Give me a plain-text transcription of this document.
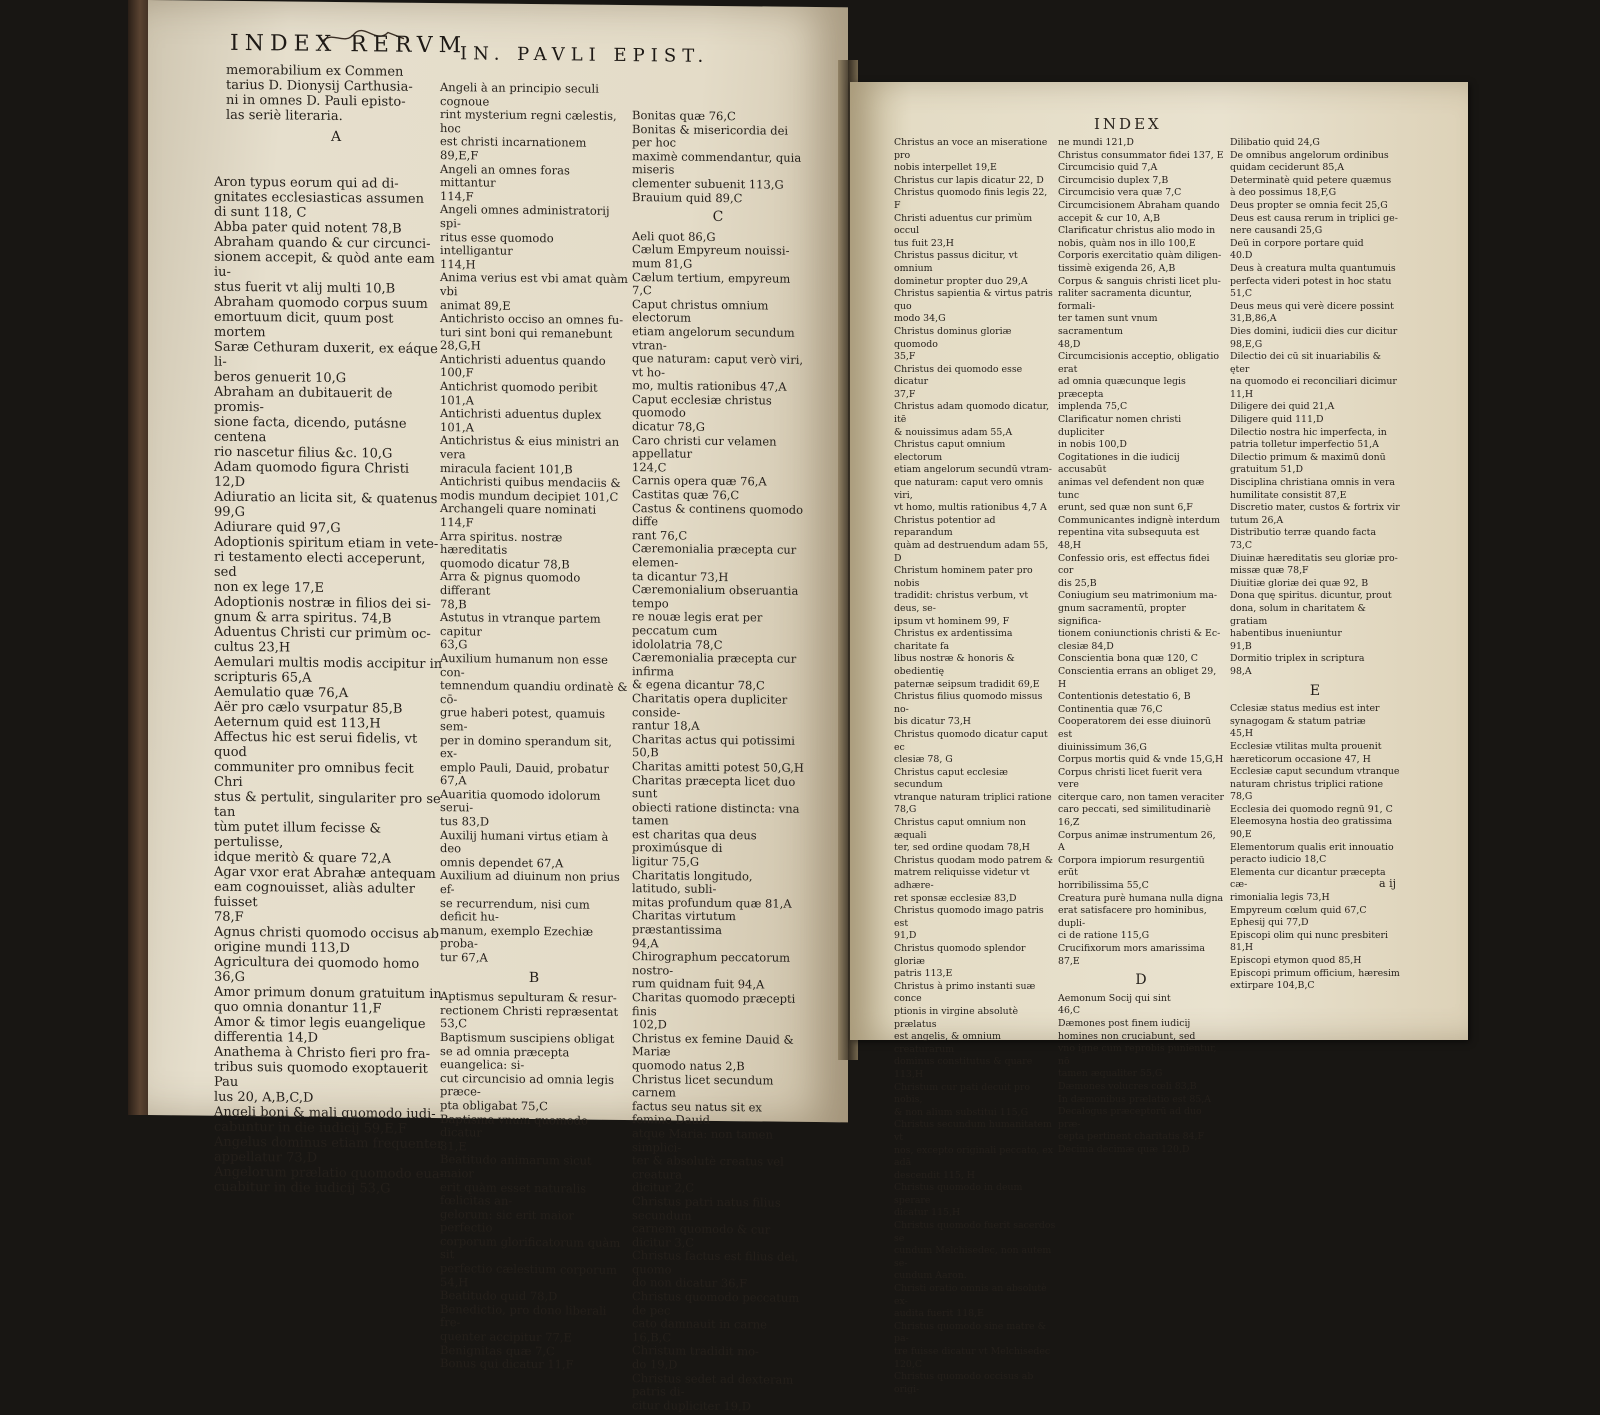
INDEX RERVM
IN. PAVLI EPIST.

memorabilium ex Commen

tarius D. Dionysij Carthusia-

ni in omnes D. Pauli episto-

las seriè literaria.

A

Aron typus eorum qui ad di-

gnitates ecclesiasticas assumen

di sunt 118, C

Abba pater quid notent 78,B

Abraham quando & cur circunci-

sionem accepit, & quòd ante eam iu-

stus fuerit vt alij multi 10,B

Abraham quomodo corpus suum

emortuum dicit, quum post mortem

Saræ Cethuram duxerit, ex eáque li-

beros genuerit 10,G

Abraham an dubitauerit de promis-

sione facta, dicendo, putásne centena

rio nascetur filius &c. 10,G

Adam quomodo figura Christi

12,D

Adiuratio an licita sit, & quatenus

99,G

Adiurare quid 97,G

Adoptionis spiritum etiam in vete-

ri testamento electi acceperunt, sed

non ex lege 17,E

Adoptionis nostræ in filios dei si-

gnum & arra spiritus. 74,B

Aduentus Christi cur primùm oc-

cultus 23,H

Aemulari multis modis accipitur in

scripturis 65,A

Aemulatio quæ 76,A

Aër pro cælo vsurpatur 85,B

Aeternum quid est 113,H

Affectus hic est serui fidelis, vt quod

communiter pro omnibus fecit Chri

stus & pertulit, singulariter pro se tan

tùm putet illum fecisse & pertulisse,

idque meritò & quare 72,A

Agar vxor erat Abrahæ antequam

eam cognouisset, aliàs adulter fuisset

78,F

Agnus christi quomodo occisus ab

origine mundi 113,D

Agricultura dei quomodo homo

36,G

Amor primum donum gratuitum in

quo omnia donantur 11,F

Amor & timor legis euangelique

differentia 14,D

Anathema à Christo fieri pro fra-

tribus suis quomodo exoptauerit Pau

lus 20, A,B,C,D

Angeli boni & mali quomodo iudi-

cabuntur in die iudicij 59,E,F

Angelus dominus etiam frequenter

appellatur 73,D

Angelorum prælatio quomodo eua-

cuabitur in die iudicij 53,G

Angeli à an principio seculi cognoue

rint mysterium regni cælestis, hoc

est christi incarnationem 89,E,F

Angeli an omnes foras mittantur

114,F

Angeli omnes administratorij spi-

ritus esse quomodo intelligantur

114,H

Anima verius est vbi amat quàm vbi

animat 89,E

Antichristo occiso an omnes fu-

turi sint boni qui remanebunt

28,G,H

Antichristi aduentus quando

100,F

Antichrist quomodo peribit 101,A

Antichristi aduentus duplex 101,A

Antichristus & eius ministri an vera

miracula facient 101,B

Antichristi quibus mendaciis &

modis mundum decipiet 101,C

Archangeli quare nominati 114,F

Arra spiritus. nostræ hæreditatis

quomodo dicatur 78,B

Arra & pignus quomodo differant

78,B

Astutus in vtranque partem capitur

63,G

Auxilium humanum non esse con-

temnendum quandiu ordinatè & cō-

grue haberi potest, quamuis sem-

per in domino sperandum sit, ex-

emplo Pauli, Dauid, probatur

67,A

Auaritia quomodo idolorum serui-

tus 83,D

Auxilij humani virtus etiam à deo

omnis dependet 67,A

Auxilium ad diuinum non prius ef-

se recurrendum, nisi cum deficit hu-

manum, exemplo Ezechiæ proba-

tur 67,A

B

Aptismus sepulturam & resur-

rectionem Christi repræsentat

53,C

Baptismum suscipiens obligat

se ad omnia præcepta euangelica: si-

cut circuncisio ad omnia legis præce-

pta obligabat 75,C

Baptisma vnum quomodo dicatur

81,E

Beatitudo animarum sicut maior

erit quàm esset naturalis fœlicitas an-

gelorum: sic erit maior perfectio

corporum glorificatorum quàm sit

perfectio cælestium corporum

54,H

Beatitudo quid 78,D

Benedictio, pro dono liberali fre-

quenter accipitur 77,E

Benignitas quæ 7,C

Bonus qui dicatur 11,F

Bonitas quæ 76,C

Bonitas & misericordia dei per hoc

maximè commendantur, quia miseris

clementer subuenit 113,G

Brauium quid 89,C

C

Aeli quot 86,G

Cælum Empyreum nouissi-

mum 81,G

Cælum tertium, empyreum

7,C

Caput christus omnium electorum

etiam angelorum secundum vtran-

que naturam: caput verò viri, vt ho-

mo, multis rationibus 47,A

Caput ecclesiæ christus quomodo

dicatur 78,G

Caro christi cur velamen appellatur

124,C

Carnis opera quæ 76,A

Castitas quæ 76,C

Castus & continens quomodo diffe

rant 76,C

Cæremonialia præcepta cur elemen-

ta dicantur 73,H

Cæremonialium obseruantia tempo

re nouæ legis erat per peccatum cum

idololatria 78,C

Cæremonialia præcepta cur infirma

& egena dicantur 78,C

Charitatis opera dupliciter conside-

rantur 18,A

Charitas actus qui potissimi 50,B

Charitas amitti potest 50,G,H

Charitas præcepta licet duo sunt

obiecti ratione distincta: vna tamen

est charitas qua deus proximúsque di

ligitur 75,G

Charitatis longitudo, latitudo, subli-

mitas profundum quæ 81,A

Charitas virtutum præstantissima

94,A

Chirographum peccatorum nostro-

rum quidnam fuit 94,A

Charitas quomodo præcepti finis

102,D

Christus ex femine Dauid & Mariæ

quomodo natus 2,B

Christus licet secundum carnem

factus seu natus sit ex femine Dauid

atque Maria: non tamen simplici-

ter & absolutè creatus vel creatura

dicitur 2,C

Christus patri natus filius secundum

carnem quomodo & cur dicitur 3,C

Christus factus est filius dei, quomo

do non dicatur 36,F

Christus quomodo peccatum de pec

cato damnauit in carne 16,B,C

Christum tradidit mo-

do 19,D

Christus sedet ad dexteram patris di-

citur dupliciter 19,D

INDEX

Christus an voce an miseratione pro

nobis interpellet 19,E

Christus cur lapis dicatur 22, D

Christus quomodo finis legis 22, F

Christi aduentus cur primùm occul

tus fuit 23,H

Christus passus dicitur, vt omnium

dominetur propter duo 29,A

Christus sapientia & virtus patris quo

modo 34,G

Christus dominus gloriæ quomodo

35,F

Christus dei quomodo esse dicatur

37,F

Christus adam quomodo dicatur, itē

& nouissimus adam 55,A

Christus caput omnium electorum

etiam angelorum secundū vtram-

que naturam: caput vero omnis viri,

vt homo, multis rationibus 4,7 A

Christus potentior ad reparandum

quàm ad destruendum adam 55, D

Christum hominem pater pro nobis

tradidit: christus verbum, vt deus, se-

ipsum vt hominem 99, F

Christus ex ardentissima charitate fa

libus nostræ & honoris & obedientię

paternæ seipsum tradidit 69,E

Christus filius quomodo missus no-

bis dicatur 73,H

Christus quomodo dicatur caput ec

clesiæ 78, G

Christus caput ecclesiæ secundum

vtranque naturam triplici ratione

78,G

Christus caput omnium non æquali

ter, sed ordine quodam 78,H

Christus quodam modo patrem &

matrem reliquisse videtur vt adhære-

ret sponsæ ecclesiæ 83,D

Christus quomodo imago patris est

91,D

Christus quomodo splendor gloriæ

patris 113,E

Christus à primo instanti suæ conce

ptionis in virgine absolutè prælatus

est angelis, & omnium creaturarum

dominus constitutus & quare

113,H

Christum cur pati decuit pro nobis,

& non alium substitui 115,G

Christus secundum humanitatem vt

nos, excepto originali peccato, ex adā

descendit 115, H

Christus quomodo in deum sperare

dicatur 115,H

Christus quomodo fuerit sacerdos se

cundum Melchisedec, non autem se-

cundum Aaron.

Christi oratio omnis an absolutè ex-

audita fuerit 118,E

Christus quomodo sine matre & pa-

tre fuisse dicatur vt Melchisedec

120,C

Christus quomodo occisus ab origi-

ne mundi 121,D

Christus consummator fidei 137, E

Circumcisio quid 7,A

Circumcisio duplex 7,B

Circumcisio vera quæ 7,C

Circumcisionem Abraham quando

accepit & cur 10, A,B

Clarificatur christus alio modo in

nobis, quàm nos in illo 100,E

Corporis exercitatio quàm diligen-

tissimè exigenda 26, A,B

Corpus & sanguis christi licet plu-

raliter sacramenta dicuntur, formali-

ter tamen sunt vnum sacramentum

48,D

Circumcisionis acceptio, obligatio erat

ad omnia quæcunque legis præcepta

implenda 75,C

Clarificatur nomen christi dupliciter

in nobis 100,D

Cogitationes in die iudicij accusabūt

animas vel defendent non quæ tunc

erunt, sed quæ non sunt 6,F

Communicantes indignè interdum

repentina vita subsequuta est

48,H

Confessio oris, est effectus fidei cor

dis 25,B

Coniugium seu matrimonium ma-

gnum sacramentū, propter significa-

tionem coniunctionis christi & Ec-

clesiæ 84,D

Conscientia bona quæ 120, C

Conscientia errans an obliget 29, H

Contentionis detestatio 6, B

Continentia quæ 76,C

Cooperatorem dei esse diuinorū est

diuinissimum 36,G

Corpus mortis quid & vnde 15,G,H

Corpus christi licet fuerit vera vere

citerque caro, non tamen veraciter

caro peccati, sed similitudinariè

16,Z

Corpus animæ instrumentum 26, A

Corpora impiorum resurgentiū erūt

horribilissima 55,C

Creatura purè humana nulla digna

erat satisfacere pro hominibus, dupli-

ci de ratione 115,G

Crucifixorum mors amarissima

87,E

D

Aemonum Socij qui sint

46,C

Dæmones post finem iudicij

homines non cruciabunt, sed

vno igne cum reprobis punientur, nō

tamen æqualiter 55,G

Dæmones volucres cœli 83,B

In dæmonibus prælatio est 85,A

Decalogus præceptorū ad duo præ-

cepta pertinent charitatis 84,F

Decima decimæ quæ 120,D

Dilibatio quid 24,G

De omnibus angelorum ordinibus

quidam ceciderunt 85,A

Determinatè quid petere quæmus

à deo possimus 18,F,G

Deus propter se omnia fecit 25,G

Deus est causa rerum in triplici ge-

nere causandi 25,G

Deū in corpore portare quid

40.D

Deus à creatura multa quantumuis

perfecta videri potest in hoc statu

51,C

Deus meus qui verè dicere possint

31,B,86,A

Dies domini, iudicii dies cur dicitur

98,E,G

Dilectio dei cū sit inuariabilis & ęter

na quomodo ei reconciliari dicimur

11,H

Diligere dei quid 21,A

Diligere quid 111,D

Dilectio nostra hic imperfecta, in

patria tolletur imperfectio 51,A

Dilectio primum & maximū donū

gratuitum 51,D

Disciplina christiana omnis in vera

humilitate consistit 87,E

Discretio mater, custos & fortrix vir

tutum 26,A

Distributio terræ quando facta 73,C

Diuinæ hæreditatis seu gloriæ pro-

missæ quæ 78,F

Diuitiæ gloriæ dei quæ 92, B

Dona quę spiritus. dicuntur, prout

dona, solum in charitatem & gratiam

habentibus inueniuntur

91,B

Dormitio triplex in scriptura

98,A

E

Cclesiæ status medius est inter

synagogam & statum patriæ

45,H

Ecclesiæ vtilitas multa prouenit

hæreticorum occasione 47, H

Ecclesiæ caput secundum vtranque

naturam christus triplici ratione

78,G

Ecclesia dei quomodo regnū 91, C

Eleemosyna hostia deo gratissima

90,E

Elementorum qualis erit innouatio

peracto iudicio 18,C

Elementa cur dicantur præcepta cæ-

rimonialia legis 73,H

Empyreum cœlum quid 67,C

Ephesij qui 77,D

Episcopi olim qui nunc presbiteri

81,H

Episcopi etymon quod 85,H

Episcopi primum officium, hæresim

extirpare 104,B,C

a ij
